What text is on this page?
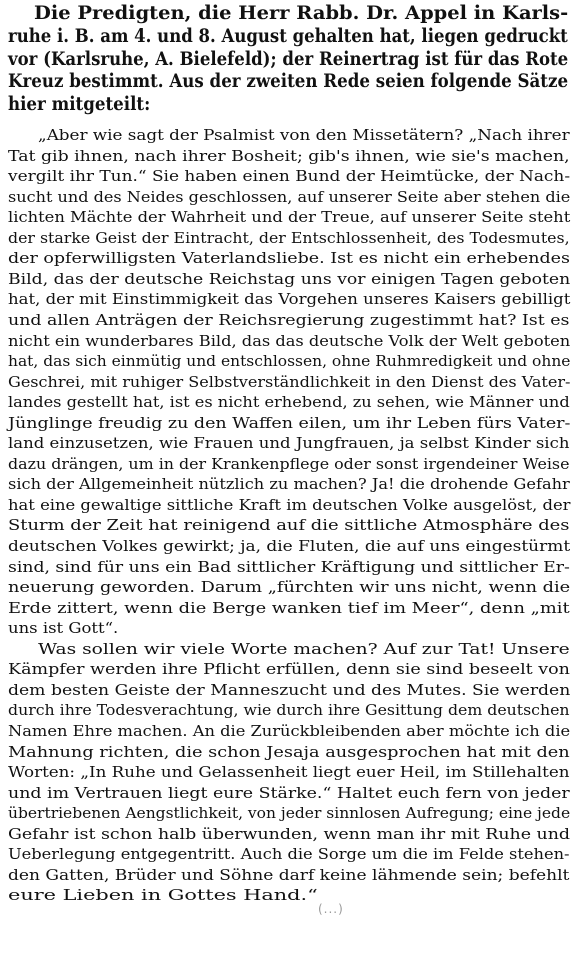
Die Predigten, die Herr Rabb. Dr. Appel in Karls-
ruhe i. B. am 4. und 8. August gehalten hat, liegen gedruckt
vor (Karlsruhe, A. Bielefeld); der Reinertrag ist für das Rote
Kreuz bestimmt. Aus der zweiten Rede seien folgende Sätze
hier mitgeteilt:
„Aber wie sagt der Psalmist von den Missetätern? „Nach ihrer
Tat gib ihnen, nach ihrer Bosheit; gib's ihnen, wie sie's machen,
vergilt ihr Tun.“ Sie haben einen Bund der Heimtücke, der Nach-
sucht und des Neides geschlossen, auf unserer Seite aber stehen die
lichten Mächte der Wahrheit und der Treue, auf unserer Seite steht
der starke Geist der Eintracht, der Entschlossenheit, des Todesmutes,
der opferwilligsten Vaterlandsliebe. Ist es nicht ein erhebendes
Bild, das der deutsche Reichstag uns vor einigen Tagen geboten
hat, der mit Einstimmigkeit das Vorgehen unseres Kaisers gebilligt
und allen Anträgen der Reichsregierung zugestimmt hat? Ist es
nicht ein wunderbares Bild, das das deutsche Volk der Welt geboten
hat, das sich einmütig und entschlossen, ohne Ruhmredigkeit und ohne
Geschrei, mit ruhiger Selbstverständlichkeit in den Dienst des Vater-
landes gestellt hat, ist es nicht erhebend, zu sehen, wie Männer und
Jünglinge freudig zu den Waffen eilen, um ihr Leben fürs Vater-
land einzusetzen, wie Frauen und Jungfrauen, ja selbst Kinder sich
dazu drängen, um in der Krankenpflege oder sonst irgendeiner Weise
sich der Allgemeinheit nützlich zu machen? Ja! die drohende Gefahr
hat eine gewaltige sittliche Kraft im deutschen Volke ausgelöst, der
Sturm der Zeit hat reinigend auf die sittliche Atmosphäre des
deutschen Volkes gewirkt; ja, die Fluten, die auf uns eingestürmt
sind, sind für uns ein Bad sittlicher Kräftigung und sittlicher Er-
neuerung geworden. Darum „fürchten wir uns nicht, wenn die
Erde zittert, wenn die Berge wanken tief im Meer“, denn „mit
uns ist Gott“.
Was sollen wir viele Worte machen? Auf zur Tat! Unsere
Kämpfer werden ihre Pflicht erfüllen, denn sie sind beseelt von
dem besten Geiste der Manneszucht und des Mutes. Sie werden
durch ihre Todesverachtung, wie durch ihre Gesittung dem deutschen
Namen Ehre machen. An die Zurückbleibenden aber möchte ich die
Mahnung richten, die schon Jesaja ausgesprochen hat mit den
Worten: „In Ruhe und Gelassenheit liegt euer Heil, im Stillehalten
und im Vertrauen liegt eure Stärke.“ Haltet euch fern von jeder
übertriebenen Aengstlichkeit, von jeder sinnlosen Aufregung; eine jede
Gefahr ist schon halb überwunden, wenn man ihr mit Ruhe und
Ueberlegung entgegentritt. Auch die Sorge um die im Felde stehen-
den Gatten, Brüder und Söhne darf keine lähmende sein; befehlt
eure Lieben in Gottes Hand.“
(...)
